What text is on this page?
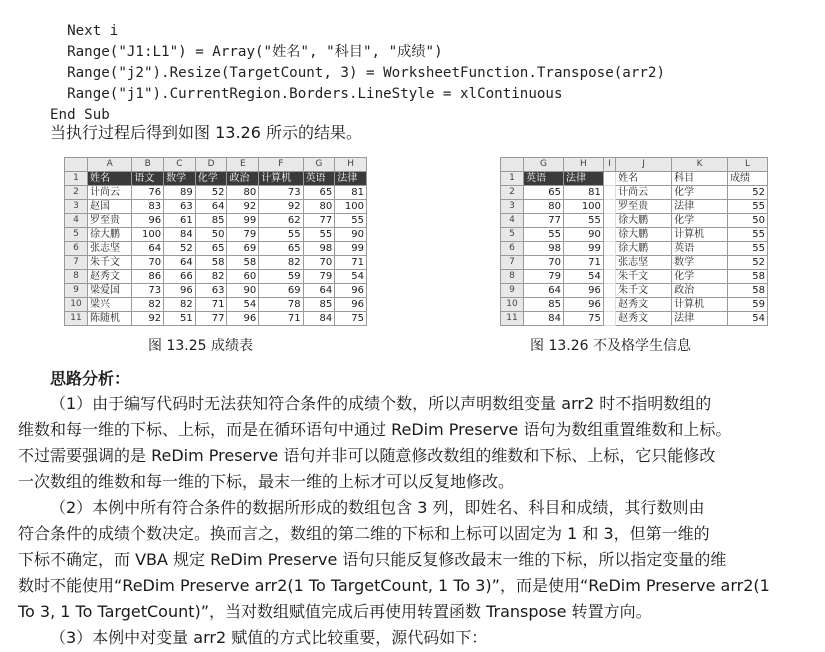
Next i
Range("J1:L1") = Array("姓名", "科目", "成绩")
Range("j2").Resize(TargetCount, 3) = WorksheetFunction.Transpose(arr2)
Range("j1").CurrentRegion.Borders.LineStyle = xlContinuous
End Sub

当执行过程后得到如图 13.26 所示的结果。
	A	B	C	D	E	F	G	H
1	姓名	语文	数学	化学	政治	计算机	英语	法律
2	计尚云	76	89	52	80	73	65	81
3	赵国	83	63	64	92	92	80	100
4	罗至贵	96	61	85	99	62	77	55
5	徐大鹏	100	84	50	79	55	55	90
6	张志坚	64	52	65	69	65	98	99
7	朱千文	70	64	58	58	82	70	71
8	赵秀文	86	66	82	60	59	79	54
9	梁爱国	73	96	63	90	69	64	96
10	梁兴	82	82	71	54	78	85	96
11	陈随机	92	51	77	96	71	84	75
	G	H	I	J	K	L
1	英语	法律		姓名	科目	成绩
2	65	81		计尚云	化学	52
3	80	100		罗至贵	法律	55
4	77	55		徐大鹏	化学	50
5	55	90		徐大鹏	计算机	55
6	98	99		徐大鹏	英语	55
7	70	71		张志坚	数学	52
8	79	54		朱千文	化学	58
9	64	96		朱千文	政治	58
10	85	96		赵秀文	计算机	59
11	84	75		赵秀文	法律	54
图 13.25 成绩表	图 13.26 不及格学生信息
思路分析：
（1）由于编写代码时无法获知符合条件的成绩个数，所以声明数组变量 arr2 时不指明数组的
维数和每一维的下标、上标，而是在循环语句中通过 ReDim Preserve 语句为数组重置维数和上标。
不过需要强调的是 ReDim Preserve 语句并非可以随意修改数组的维数和下标、上标，它只能修改
一次数组的维数和每一维的下标，最末一维的上标才可以反复地修改。
（2）本例中所有符合条件的数据所形成的数组包含 3 列，即姓名、科目和成绩，其行数则由
符合条件的成绩个数决定。换而言之，数组的第二维的下标和上标可以固定为 1 和 3，但第一维的
下标不确定，而 VBA 规定 ReDim Preserve 语句只能反复修改最末一维的下标，所以指定变量的维
数时不能使用“ReDim Preserve arr2(1 To TargetCount, 1 To 3)”，而是使用“ReDim Preserve arr2(1
To 3, 1 To TargetCount)”，当对数组赋值完成后再使用转置函数 Transpose 转置方向。
（3）本例中对变量 arr2 赋值的方式比较重要，源代码如下：
